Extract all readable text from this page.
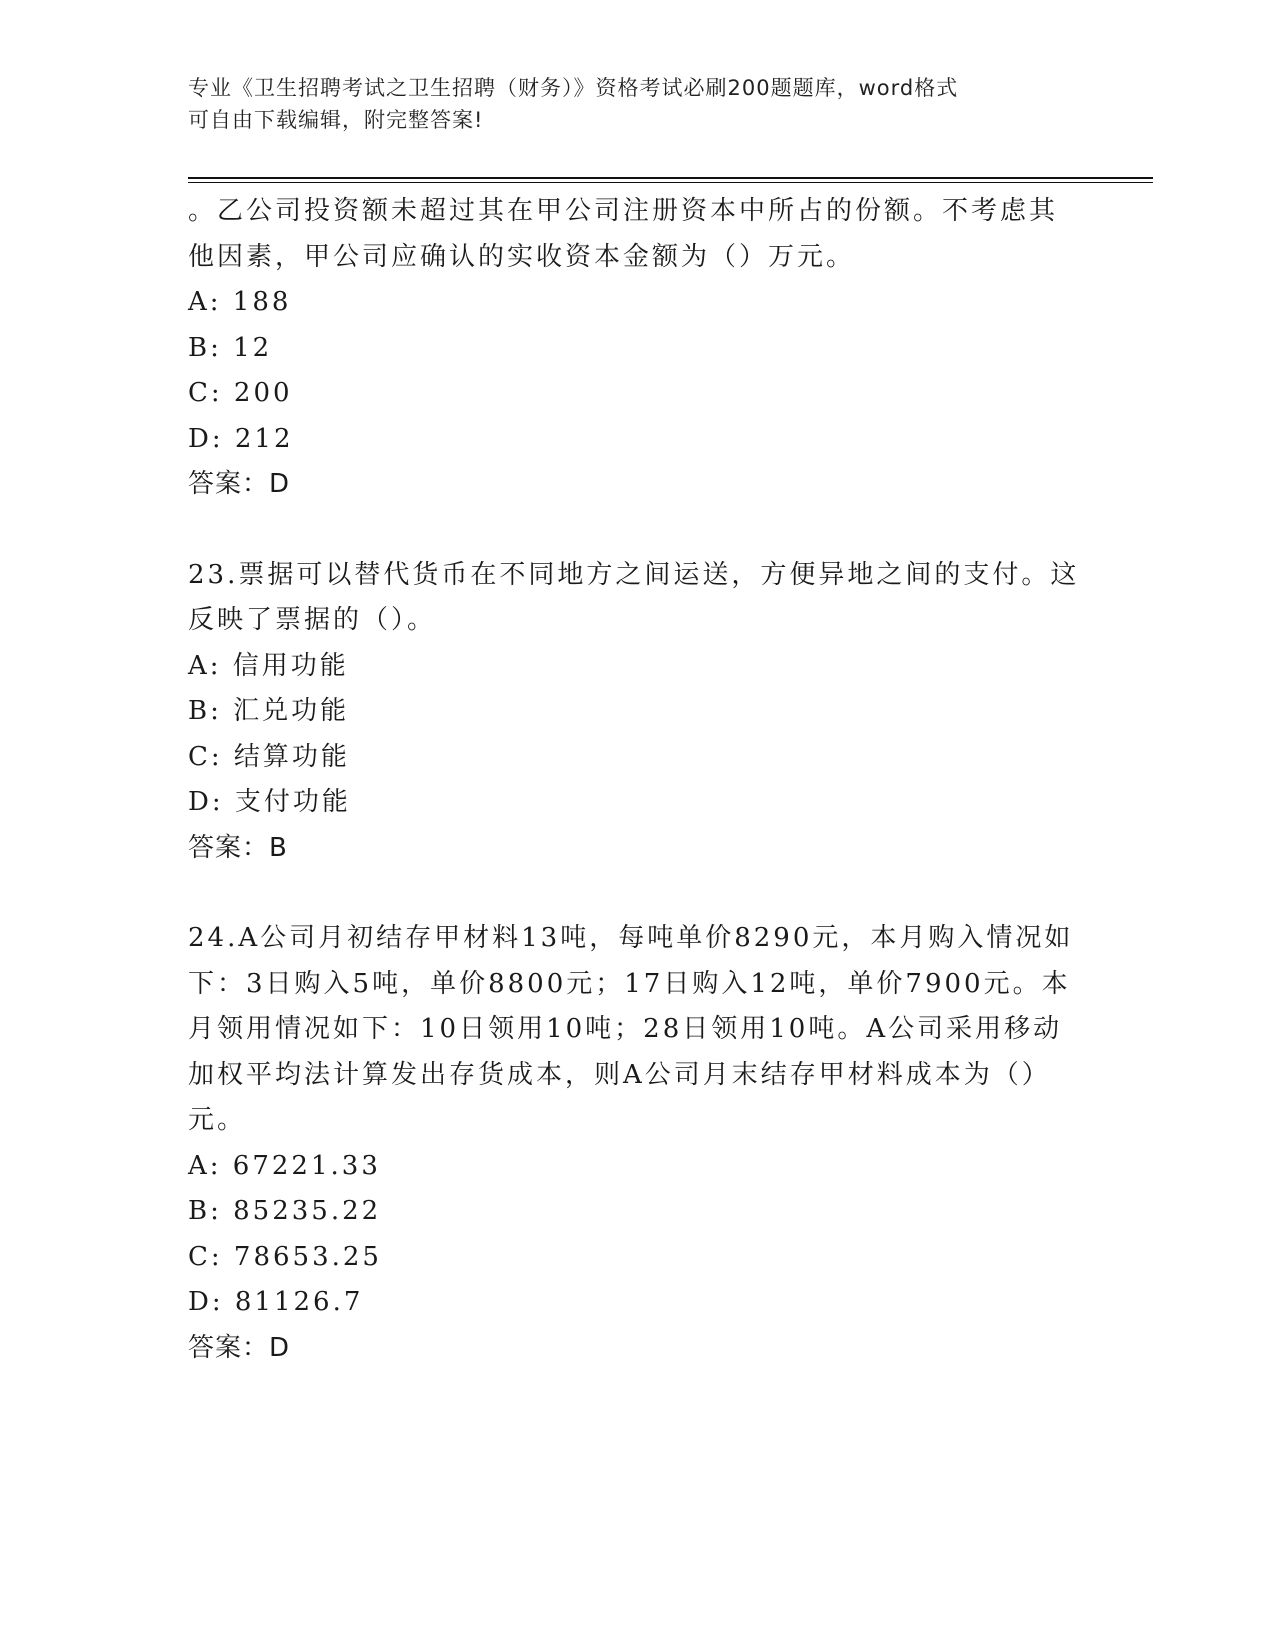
专业《卫生招聘考试之卫生招聘（财务）》资格考试必刷200题题库，word格式
可自由下载编辑，附完整答案!
。乙公司投资额未超过其在甲公司注册资本中所占的份额。不考虑其
他因素，甲公司应确认的实收资本金额为（）万元。
A: 188
B: 12
C: 200
D: 212
答案：D
23.票据可以替代货币在不同地方之间运送，方便异地之间的支付。这
反映了票据的（）。
A: 信用功能
B: 汇兑功能
C: 结算功能
D: 支付功能
答案：B
24.A公司月初结存甲材料13吨，每吨单价8290元，本月购入情况如
下：3日购入5吨，单价8800元；17日购入12吨，单价7900元。本
月领用情况如下：10日领用10吨；28日领用10吨。A公司采用移动
加权平均法计算发出存货成本，则A公司月末结存甲材料成本为（）
元。
A: 67221.33
B: 85235.22
C: 78653.25
D: 81126.7
答案：D
